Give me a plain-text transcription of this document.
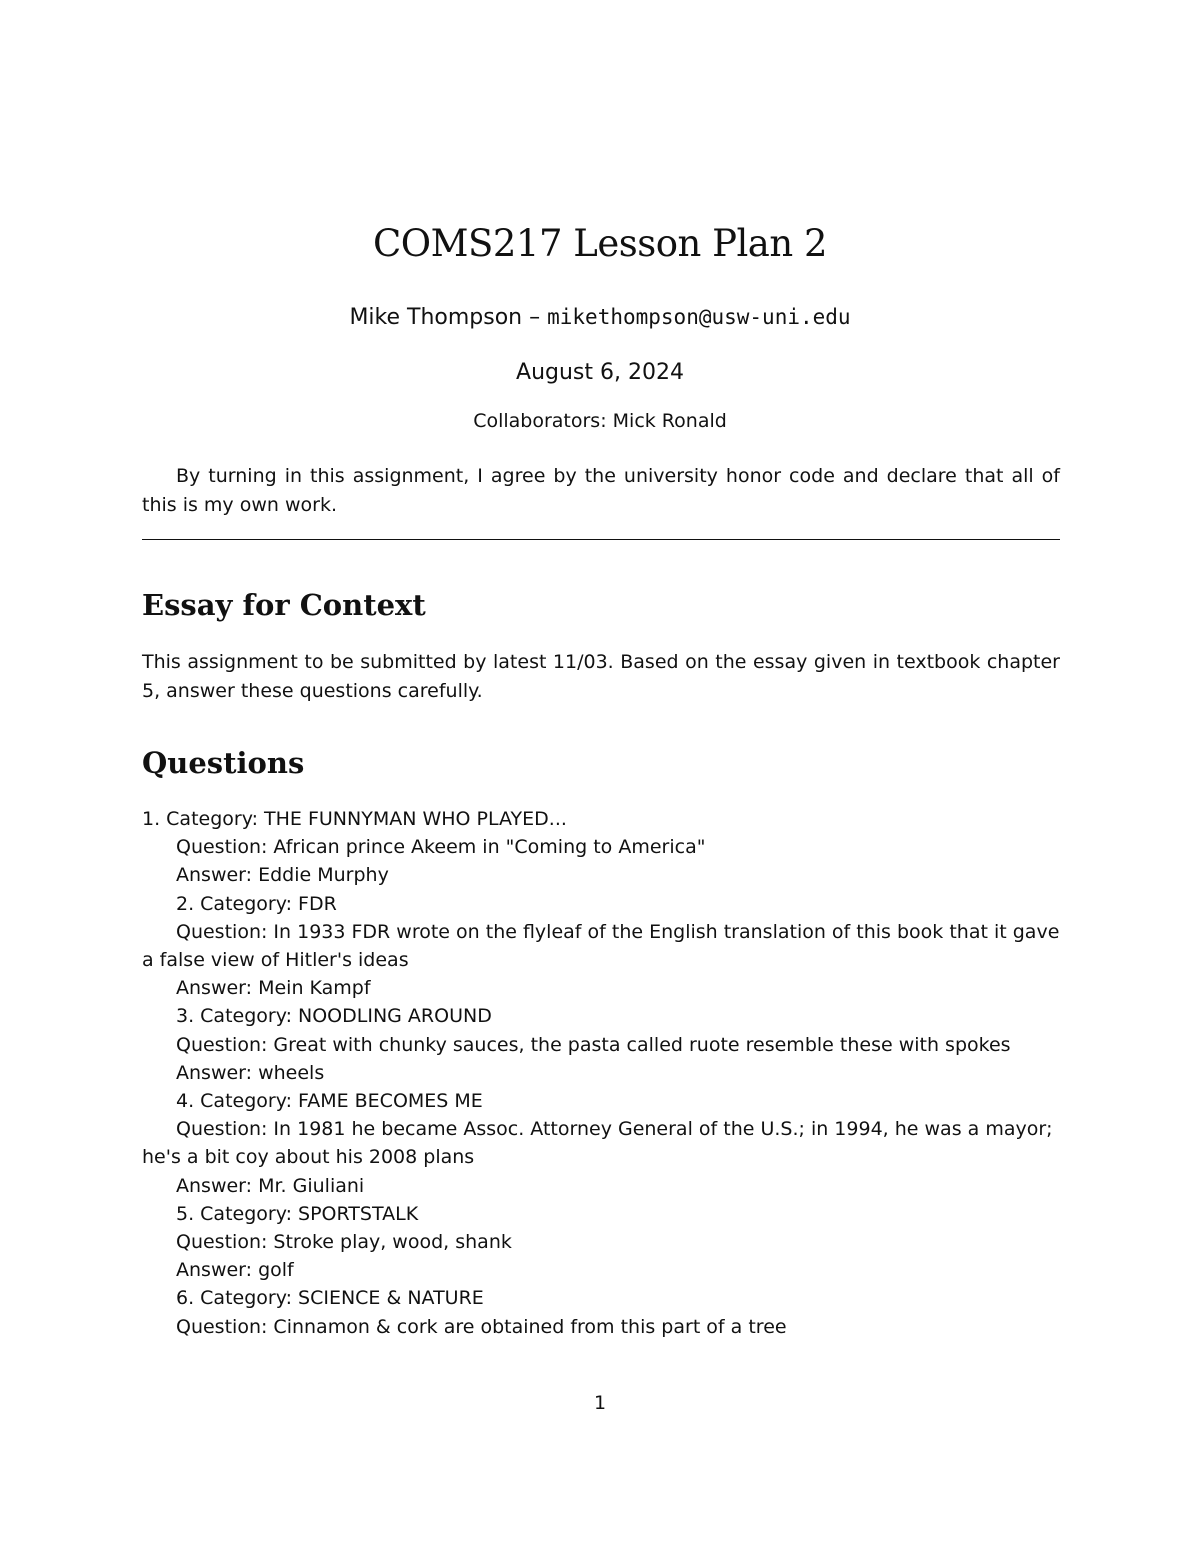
COMS217 Lesson Plan 2
Mike Thompson – mikethompson@usw-uni.edu
August 6, 2024
Collaborators: Mick Ronald

By turning in this assignment, I agree by the university honor code and declare that all of this is my own work.

Essay for Context

This assignment to be submitted by latest 11/03. Based on the essay given in textbook chapter 5, answer these questions carefully.

Questions

1. Category: THE FUNNYMAN WHO PLAYED...

Question: African prince Akeem in "Coming to America"

Answer: Eddie Murphy

2. Category: FDR

Question: In 1933 FDR wrote on the flyleaf of the English translation of this book that it gave a false view of Hitler's ideas

Answer: Mein Kampf

3. Category: NOODLING AROUND

Question: Great with chunky sauces, the pasta called ruote resemble these with spokes

Answer: wheels

4. Category: FAME BECOMES ME

Question: In 1981 he became Assoc. Attorney General of the U.S.; in 1994, he was a mayor; he's a bit coy about his 2008 plans

Answer: Mr. Giuliani

5. Category: SPORTSTALK

Question: Stroke play, wood, shank

Answer: golf

6. Category: SCIENCE & NATURE

Question: Cinnamon & cork are obtained from this part of a tree

1
